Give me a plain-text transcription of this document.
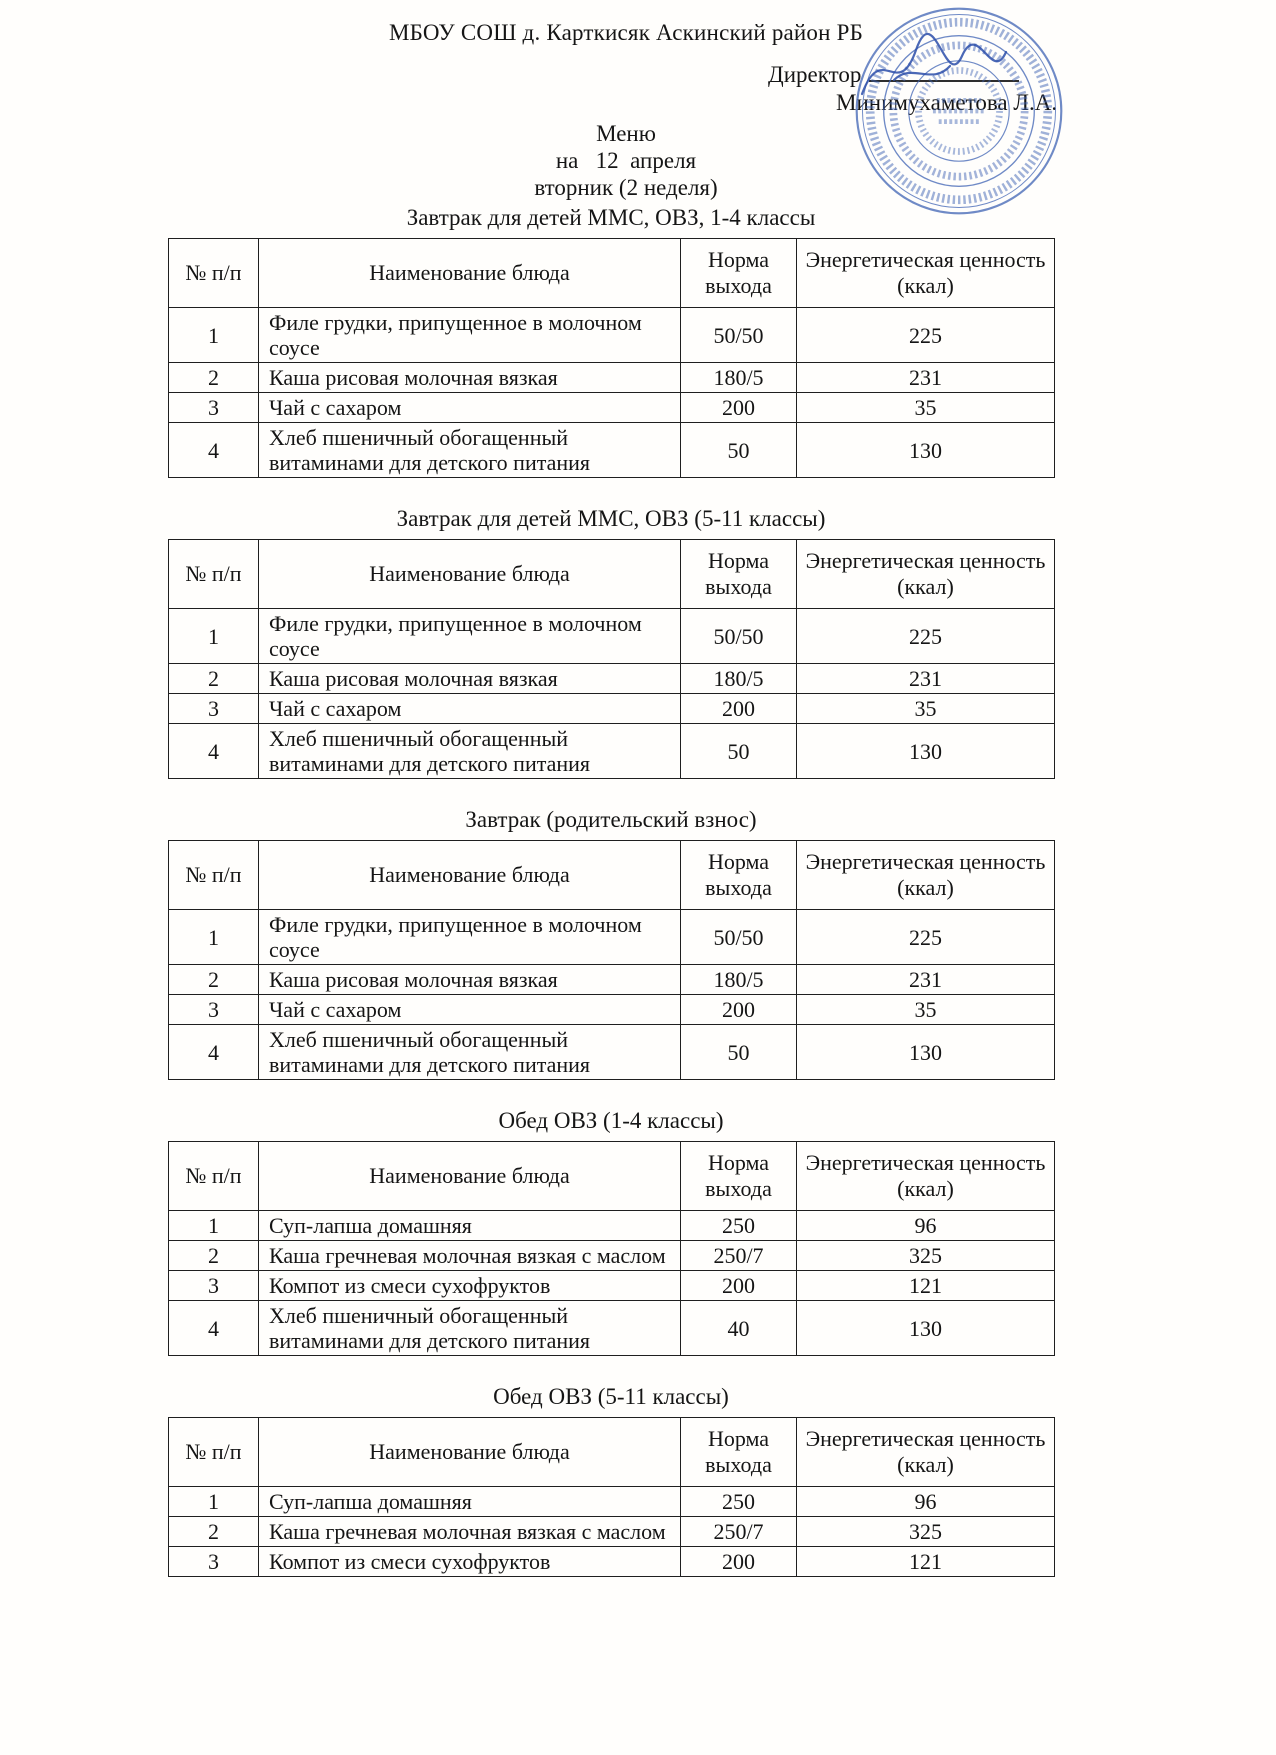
МБОУ СОШ д. Карткисяк Аскинский район РБ
Директор
Минимухаметова Л.А.
Меню
на   12  апреля
вторник (2 неделя)
Завтрак для детей ММС, ОВЗ, 1-4 классы
№ п/п	Наименование блюда	Норма выхода	Энергетическая ценность (ккал)
1	Филе грудки, припущенное в молочном соусе	50/50	225
2	Каша рисовая молочная вязкая	180/5	231
3	Чай с сахаром	200	35
4	Хлеб пшеничный обогащенный витаминами для детского питания	50	130
Завтрак для детей ММС, ОВЗ (5-11 классы)
№ п/п	Наименование блюда	Норма выхода	Энергетическая ценность (ккал)
1	Филе грудки, припущенное в молочном соусе	50/50	225
2	Каша рисовая молочная вязкая	180/5	231
3	Чай с сахаром	200	35
4	Хлеб пшеничный обогащенный витаминами для детского питания	50	130
Завтрак (родительский взнос)
№ п/п	Наименование блюда	Норма выхода	Энергетическая ценность (ккал)
1	Филе грудки, припущенное в молочном соусе	50/50	225
2	Каша рисовая молочная вязкая	180/5	231
3	Чай с сахаром	200	35
4	Хлеб пшеничный обогащенный витаминами для детского питания	50	130
Обед ОВЗ (1-4 классы)
№ п/п	Наименование блюда	Норма выхода	Энергетическая ценность (ккал)
1	Суп-лапша домашняя	250	96
2	Каша гречневая молочная вязкая с маслом	250/7	325
3	Компот из смеси сухофруктов	200	121
4	Хлеб пшеничный обогащенный витаминами для детского питания	40	130
Обед ОВЗ (5-11 классы)
№ п/п	Наименование блюда	Норма выхода	Энергетическая ценность (ккал)
1	Суп-лапша домашняя	250	96
2	Каша гречневая молочная вязкая с маслом	250/7	325
3	Компот из смеси сухофруктов	200	121
